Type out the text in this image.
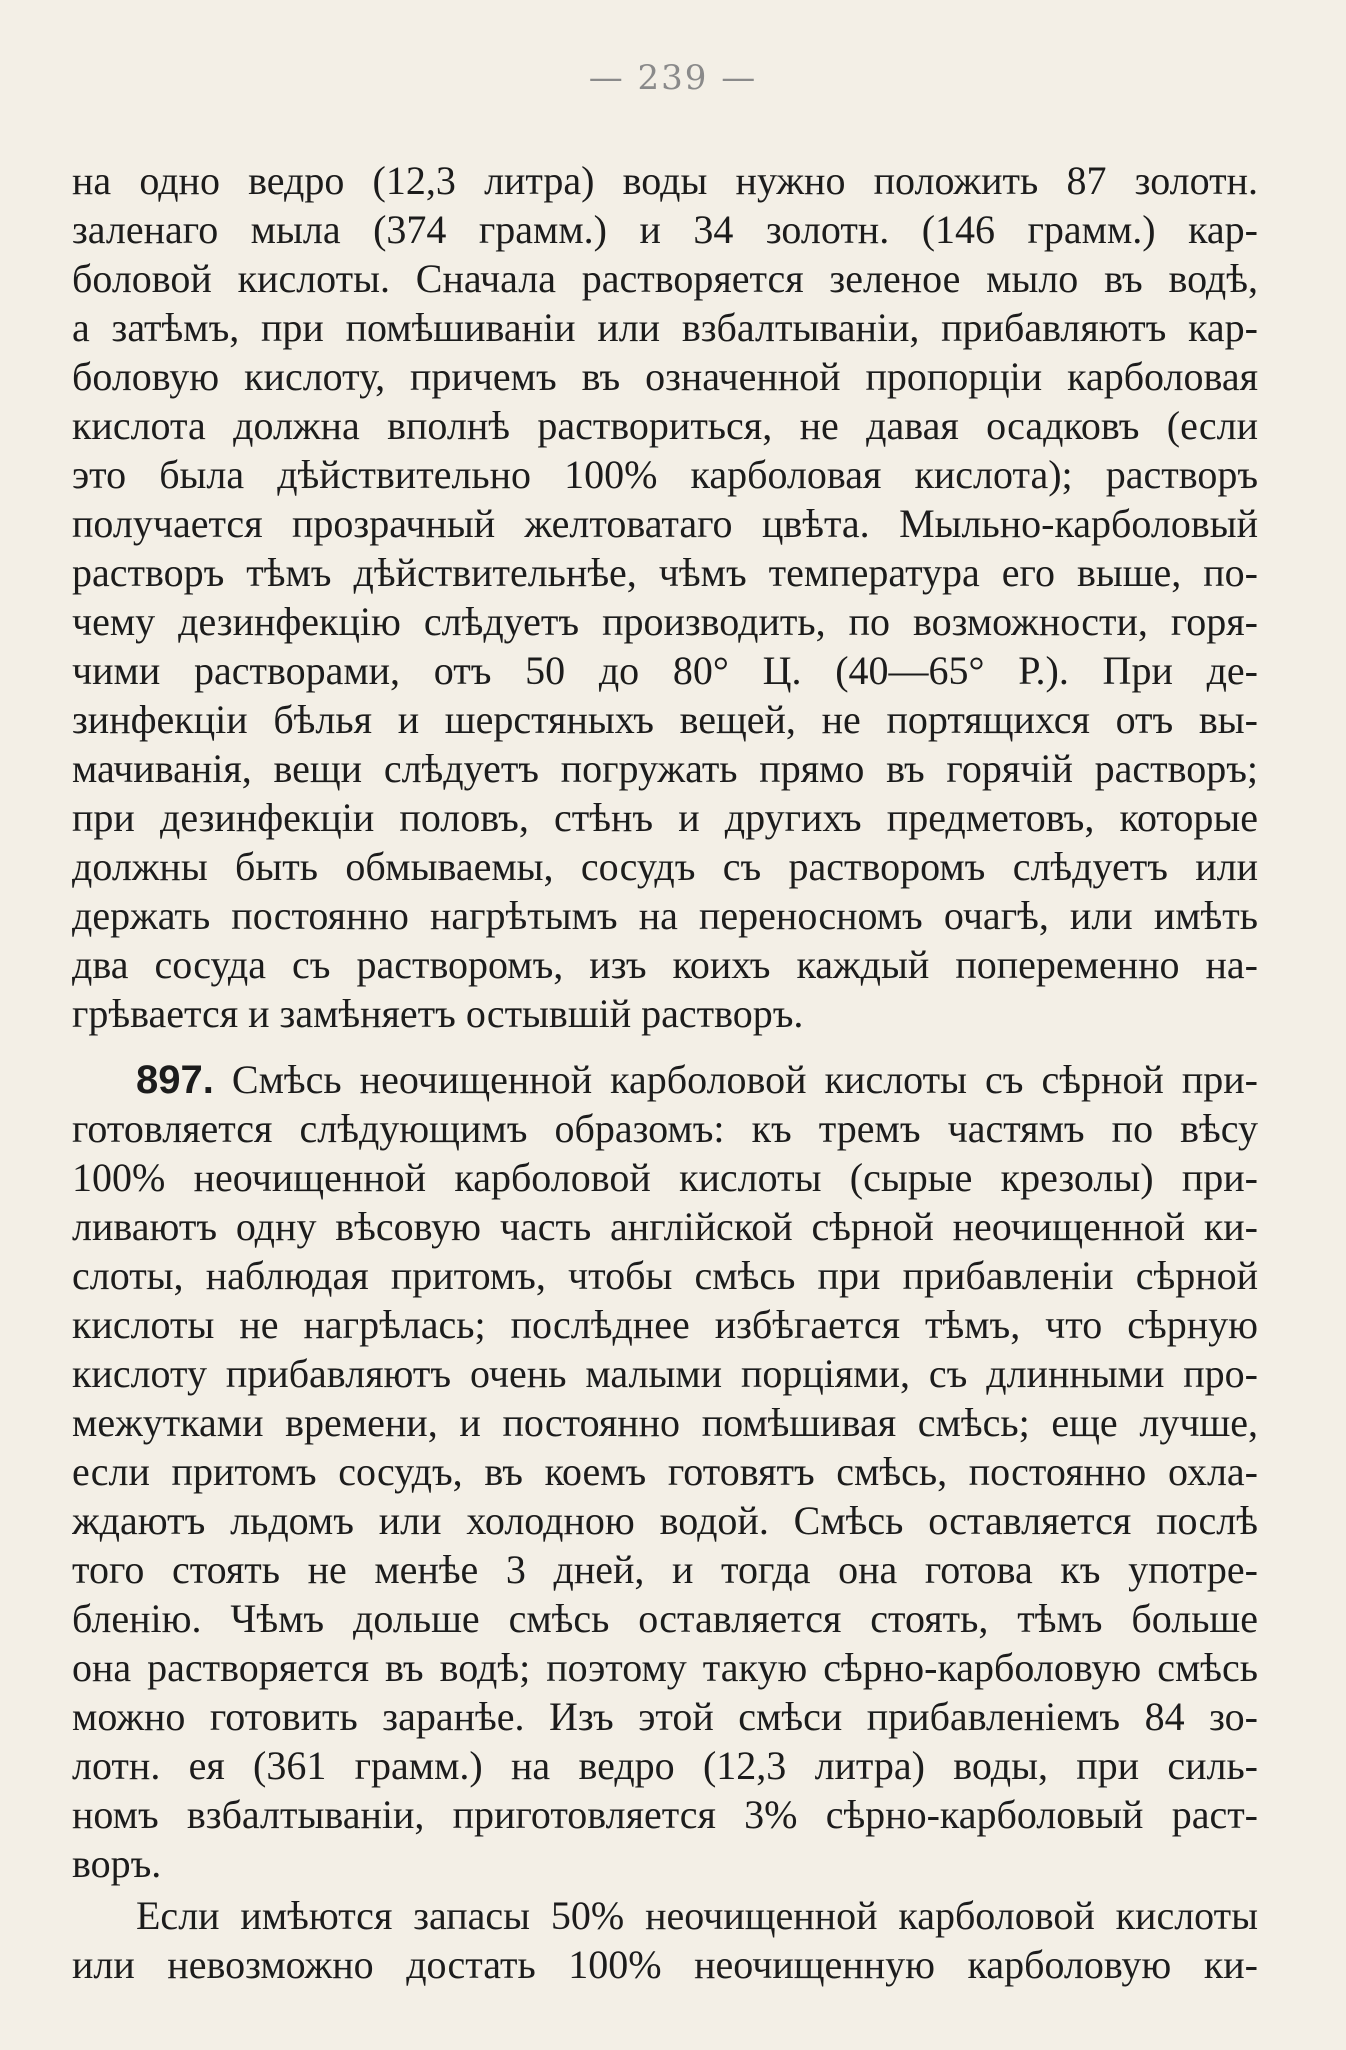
— 239 —
на одно ведро (12,3 литра) воды нужно положить 87 золотн.
заленаго мыла (374 грамм.) и 34 золотн. (146 грамм.) кар-
боловой кислоты. Сначала растворяется зеленое мыло въ водѣ,
а затѣмъ, при помѣшиваніи или взбалтываніи, прибавляютъ кар-
боловую кислоту, причемъ въ означенной пропорціи карболовая
кислота должна вполнѣ раствориться, не давая осадковъ (если
это была дѣйствительно 100% карболовая кислота); растворъ
получается прозрачный желтоватаго цвѣта. Мыльно-карболовый
растворъ тѣмъ дѣйствительнѣе, чѣмъ температура его выше, по-
чему дезинфекцію слѣдуетъ производить, по возможности, горя-
чими растворами, отъ 50 до 80° Ц. (40—65° Р.). При де-
зинфекціи бѣлья и шерстяныхъ вещей, не портящихся отъ вы-
мачиванія, вещи слѣдуетъ погружать прямо въ горячій растворъ;
при дезинфекціи половъ, стѣнъ и другихъ предметовъ, которые
должны быть обмываемы, сосудъ съ растворомъ слѣдуетъ или
держать постоянно нагрѣтымъ на переносномъ очагѣ, или имѣть
два сосуда съ растворомъ, изъ коихъ каждый попеременно на-
грѣвается и замѣняетъ остывшій растворъ.
897. Смѣсь неочищенной карболовой кислоты съ сѣрной при-
готовляется слѣдующимъ образомъ: къ тремъ частямъ по вѣсу
100% неочищенной карболовой кислоты (сырые крезолы) при-
ливаютъ одну вѣсовую часть англійской сѣрной неочищенной ки-
слоты, наблюдая притомъ, чтобы смѣсь при прибавленіи сѣрной
кислоты не нагрѣлась; послѣднее избѣгается тѣмъ, что сѣрную
кислоту прибавляютъ очень малыми порціями, съ длинными про-
межутками времени, и постоянно помѣшивая смѣсь; еще лучше,
если притомъ сосудъ, въ коемъ готовятъ смѣсь, постоянно охла-
ждаютъ льдомъ или холодною водой. Смѣсь оставляется послѣ
того стоять не менѣе 3 дней, и тогда она готова къ употре-
бленію. Чѣмъ дольше смѣсь оставляется стоять, тѣмъ больше
она растворяется въ водѣ; поэтому такую сѣрно-карболовую смѣсь
можно готовить заранѣе. Изъ этой смѣси прибавленіемъ 84 зо-
лотн. ея (361 грамм.) на ведро (12,3 литра) воды, при силь-
номъ взбалтываніи, приготовляется 3% сѣрно-карболовый раст-
воръ.
Если имѣются запасы 50% неочищенной карболовой кислоты
или невозможно достать 100% неочищенную карболовую ки-
